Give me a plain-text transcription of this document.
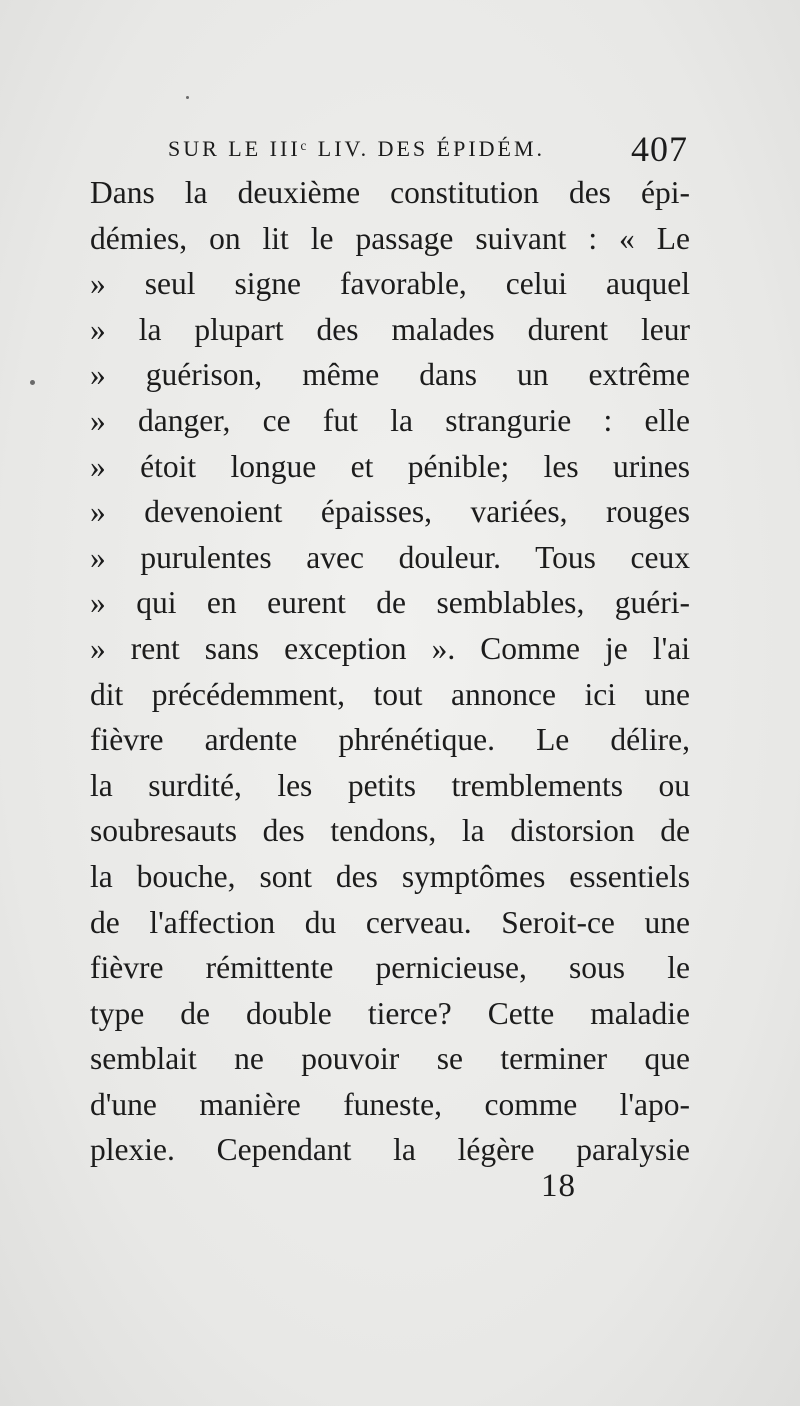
SUR LE IIIᶜ LIV. DES ÉPIDÉM. 407
Dans la deuxième constitution des épi-
démies, on lit le passage suivant : « Le
» seul signe favorable, celui auquel
» la plupart des malades durent leur
» guérison, même dans un extrême
» danger, ce fut la strangurie : elle
» étoit longue et pénible; les urines
» devenoient épaisses, variées, rouges
» purulentes avec douleur. Tous ceux
» qui en eurent de semblables, guéri-
» rent sans exception ». Comme je l'ai
dit précédemment, tout annonce ici une
fièvre ardente phrénétique. Le délire,
la surdité, les petits tremblements ou
soubresauts des tendons, la distorsion de
la bouche, sont des symptômes essentiels
de l'affection du cerveau. Seroit-ce une
fièvre rémittente pernicieuse, sous le
type de double tierce? Cette maladie
semblait ne pouvoir se terminer que
d'une manière funeste, comme l'apo-
plexie. Cependant la légère paralysie
18
